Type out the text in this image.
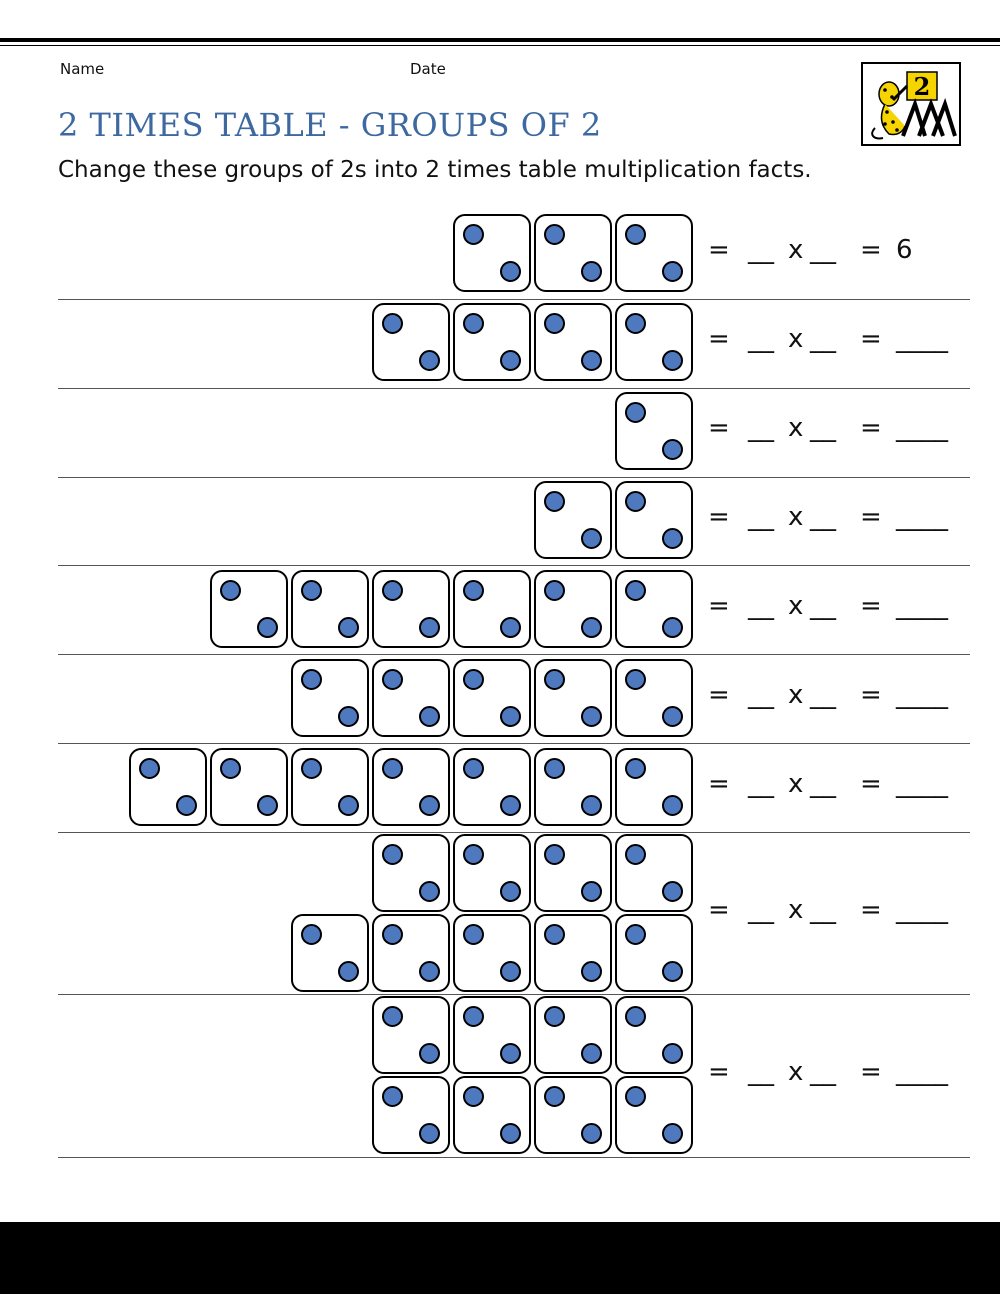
Name	Date
2
2 TIMES TABLE - GROUPS OF 2
Change these groups of 2s into 2 times table multiplication facts.
= __ x __ = 6
= __ x __ = ____
= __ x __ = ____
= __ x __ = ____
= __ x __ = ____
= __ x __ = ____
= __ x __ = ____
= __ x __ = ____
= __ x __ = ____
